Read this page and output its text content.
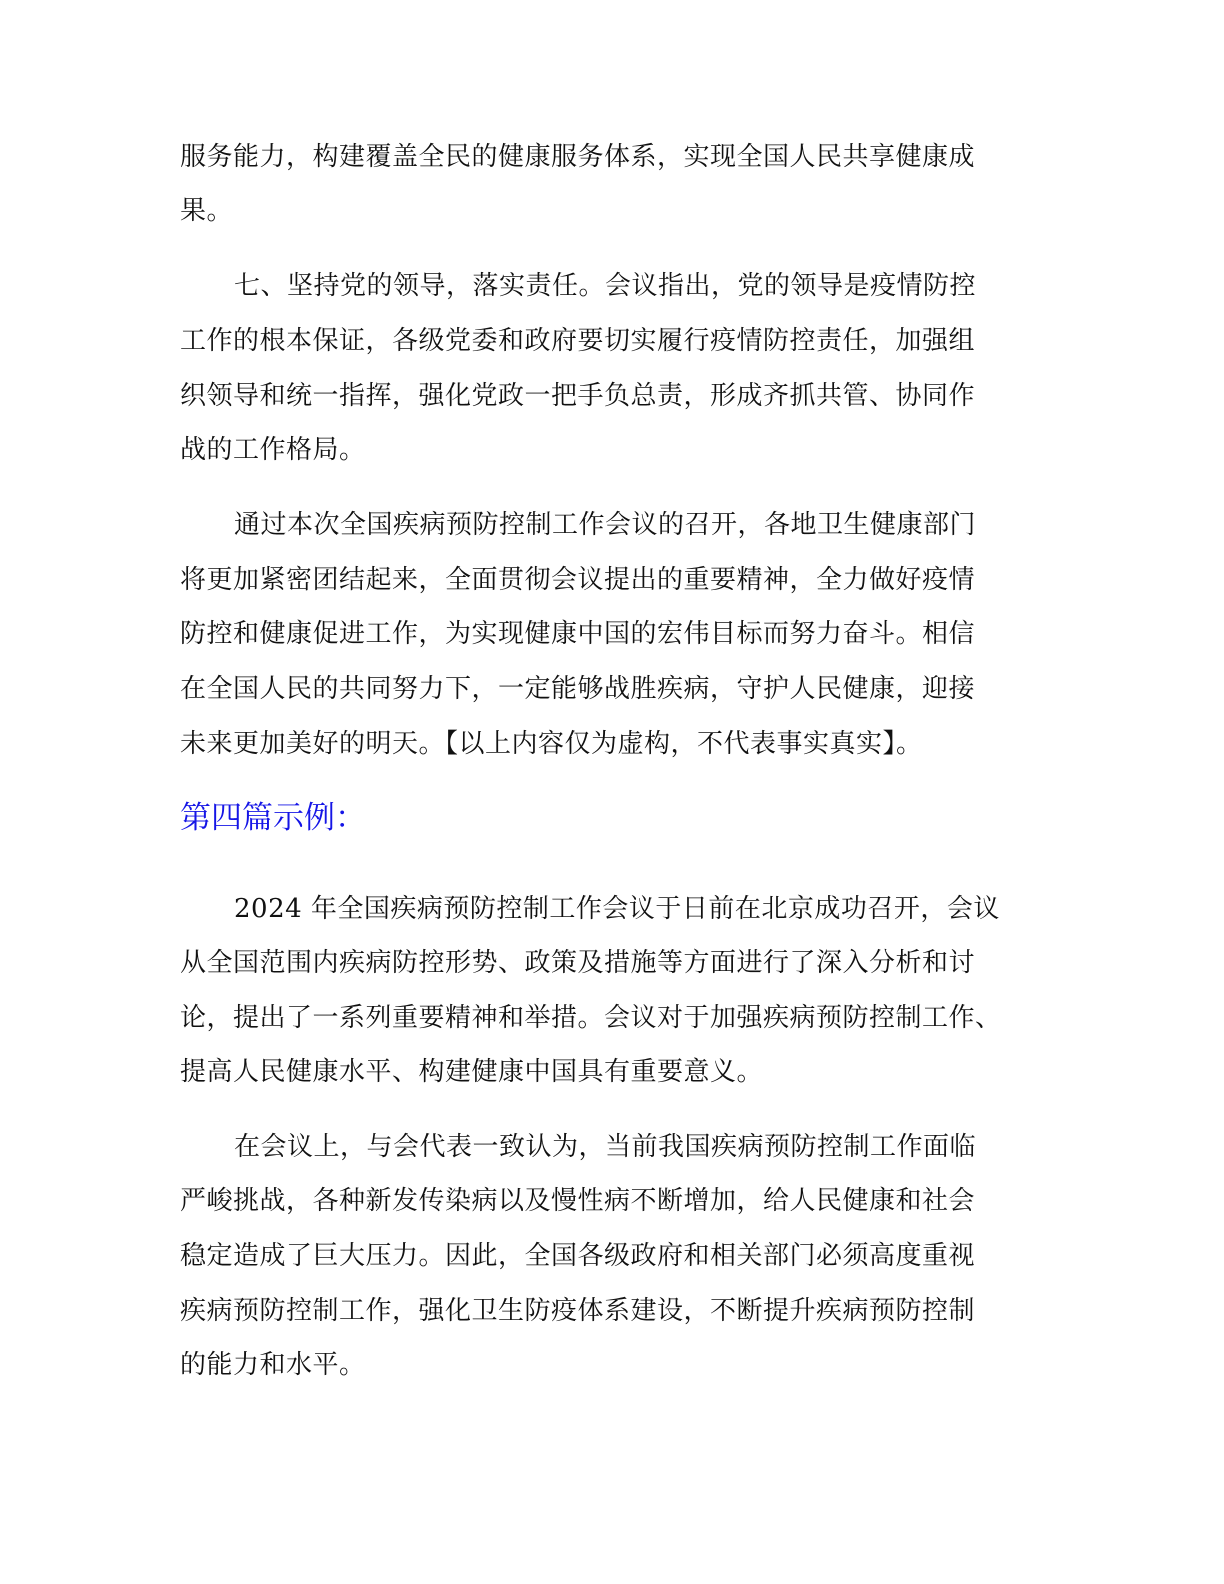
服务能力，构建覆盖全民的健康服务体系，实现全国人民共享健康成
果。
七、坚持党的领导，落实责任。会议指出，党的领导是疫情防控
工作的根本保证，各级党委和政府要切实履行疫情防控责任，加强组
织领导和统一指挥，强化党政一把手负总责，形成齐抓共管、协同作
战的工作格局。
通过本次全国疾病预防控制工作会议的召开，各地卫生健康部门
将更加紧密团结起来，全面贯彻会议提出的重要精神，全力做好疫情
防控和健康促进工作，为实现健康中国的宏伟目标而努力奋斗。相信
在全国人民的共同努力下，一定能够战胜疾病，守护人民健康，迎接
未来更加美好的明天。【以上内容仅为虚构，不代表事实真实】。
第四篇示例：
2024 年全国疾病预防控制工作会议于日前在北京成功召开，会议
从全国范围内疾病防控形势、政策及措施等方面进行了深入分析和讨
论，提出了一系列重要精神和举措。会议对于加强疾病预防控制工作、
提高人民健康水平、构建健康中国具有重要意义。
在会议上，与会代表一致认为，当前我国疾病预防控制工作面临
严峻挑战，各种新发传染病以及慢性病不断增加，给人民健康和社会
稳定造成了巨大压力。因此，全国各级政府和相关部门必须高度重视
疾病预防控制工作，强化卫生防疫体系建设，不断提升疾病预防控制
的能力和水平。
